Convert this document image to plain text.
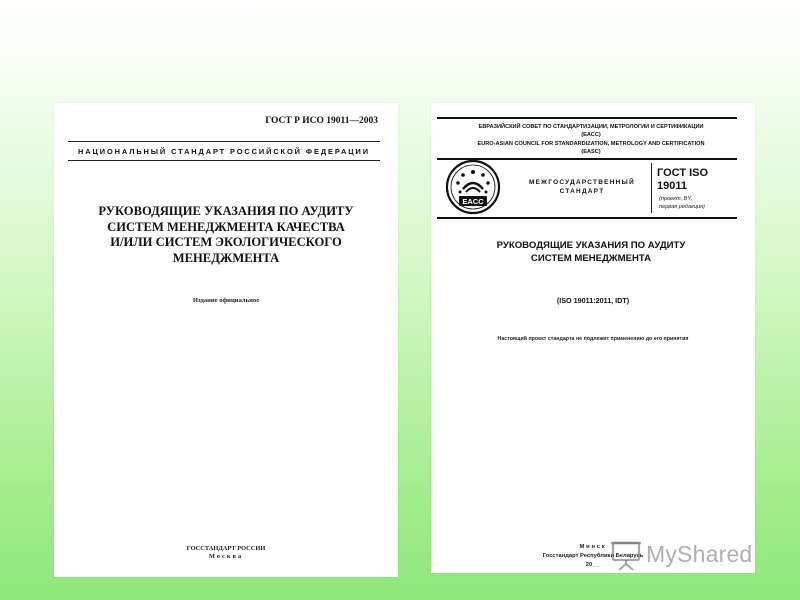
ГОСТ Р ИСО 19011—2003
НАЦИОНАЛЬНЫЙ СТАНДАРТ РОССИЙСКОЙ ФЕДЕРАЦИИ
РУКОВОДЯЩИЕ УКАЗАНИЯ ПО АУДИТУ
СИСТЕМ МЕНЕДЖМЕНТА КАЧЕСТВА
И/ИЛИ СИСТЕМ ЭКОЛОГИЧЕСКОГО
МЕНЕДЖМЕНТА
Издание официальное
ГОССТАНДАРТ РОССИИ
Москва
ЕВРАЗИЙСКИЙ СОВЕТ ПО СТАНДАРТИЗАЦИИ, МЕТРОЛОГИИ И СЕРТИФИКАЦИИ
(ЕАСС)
EURO-ASIAN COUNCIL FOR STANDARDIZATION, METROLOGY AND CERTIFICATION
(EASC)
EACC
МЕЖГОСУДАРСТВЕННЫЙ
СТАНДАРТ
ГОСТ ISO
19011
(проект, BY,
первая редакция)
РУКОВОДЯЩИЕ УКАЗАНИЯ ПО АУДИТУ
СИСТЕМ МЕНЕДЖМЕНТА
(ISO 19011:2011, IDT)
Настоящий проект стандарта не подлежит применению до его принятия
Минск
Госстандарт Республики Беларусь
20_ _	MyShared
